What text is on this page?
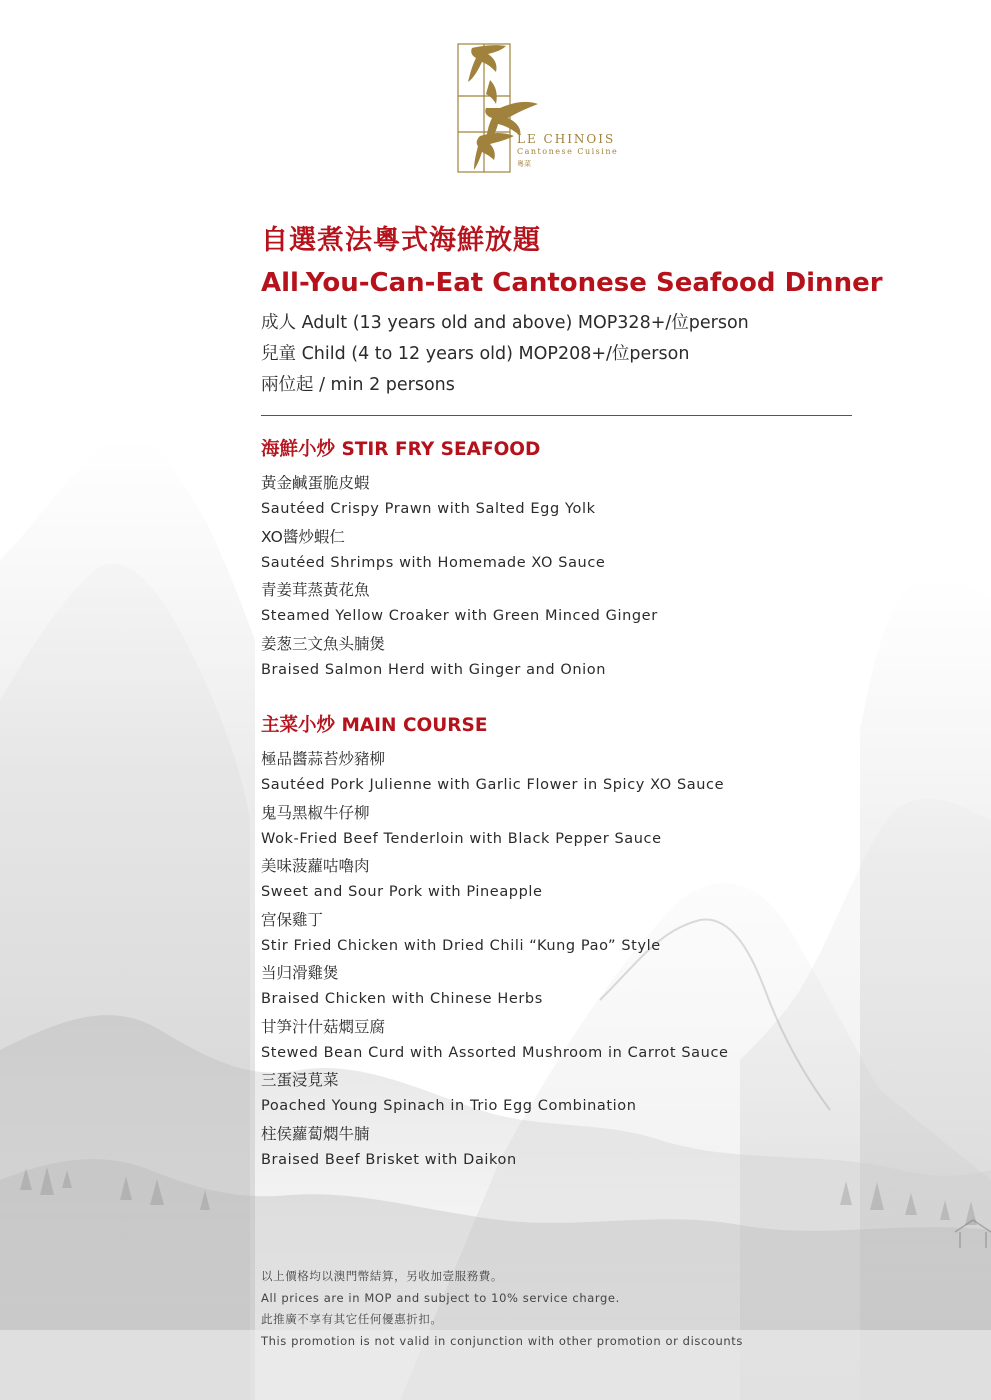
LE CHINOIS
Cantonese Cuisine
粵菜
自選煮法粵式海鮮放題
All-You-Can-Eat Cantonese Seafood Dinner
成人 Adult (13 years old and above) MOP328+/位person
兒童 Child (4 to 12 years old) MOP208+/位person
兩位起 / min 2 persons
海鮮小炒 STIR FRY SEAFOOD
黃金鹹蛋脆皮蝦
Sautéed Crispy Prawn with Salted Egg Yolk
XO醬炒蝦仁
Sautéed Shrimps with Homemade XO Sauce
青姜茸蒸黃花魚
Steamed Yellow Croaker with Green Minced Ginger
姜葱三文魚头腩煲
Braised Salmon Herd with Ginger and Onion
主菜小炒 MAIN COURSE
極品醬蒜苔炒豬柳
Sautéed Pork Julienne with Garlic Flower in Spicy XO Sauce
鬼马黑椒牛仔柳
Wok-Fried Beef Tenderloin with Black Pepper Sauce
美味菠蘿咕嚕肉
Sweet and Sour Pork with Pineapple
宫保雞丁
Stir Fried Chicken with Dried Chili “Kung Pao” Style
当归滑雞煲
Braised Chicken with Chinese Herbs
甘笋汁什菇燜豆腐
Stewed Bean Curd with Assorted Mushroom in Carrot Sauce
三蛋浸莧菜
Poached Young Spinach in Trio Egg Combination
柱侯蘿蔔燜牛腩
Braised Beef Brisket with Daikon
以上價格均以澳門幣結算，另收加壹服務費。
All prices are in MOP and subject to 10% service charge.
此推廣不享有其它任何優惠折扣。
This promotion is not valid in conjunction with other promotion or discounts
